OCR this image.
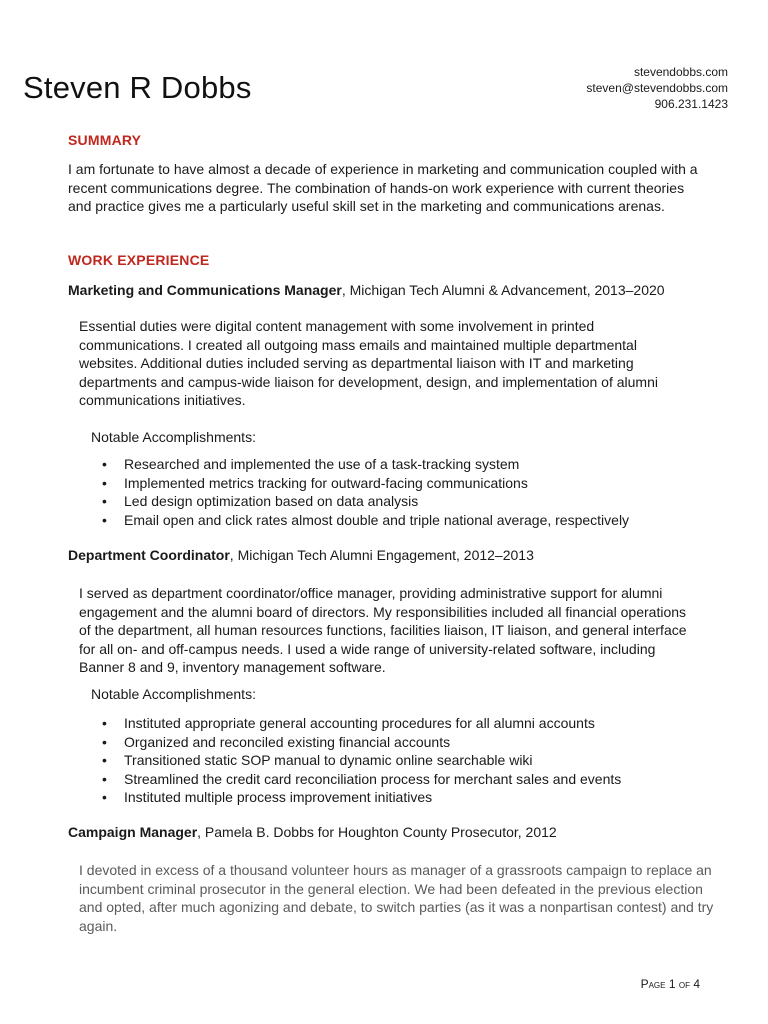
Steven R Dobbs	stevendobbs.com
steven@stevendobbs.com
906.231.1423
SUMMARY

I am fortunate to have almost a decade of experience in marketing and communication coupled with a recent communications degree. The combination of hands-on work experience with current theories and practice gives me a particularly useful skill set in the marketing and communications arenas.

WORK EXPERIENCE

Marketing and Communications Manager, Michigan Tech Alumni & Advancement, 2013–2020

Essential duties were digital content management with some involvement in printed communications. I created all outgoing mass emails and maintained multiple departmental websites. Additional duties included serving as departmental liaison with IT and marketing departments and campus-wide liaison for development, design, and implementation of alumni communications initiatives.

Notable Accomplishments:

• Researched and implemented the use of a task-tracking system
• Implemented metrics tracking for outward-facing communications
• Led design optimization based on data analysis
• Email open and click rates almost double and triple national average, respectively

Department Coordinator, Michigan Tech Alumni Engagement, 2012–2013

I served as department coordinator/office manager, providing administrative support for alumni engagement and the alumni board of directors. My responsibilities included all financial operations of the department, all human resources functions, facilities liaison, IT liaison, and general interface for all on- and off-campus needs. I used a wide range of university-related software, including Banner 8 and 9, inventory management software.

Notable Accomplishments:

• Instituted appropriate general accounting procedures for all alumni accounts
• Organized and reconciled existing financial accounts
• Transitioned static SOP manual to dynamic online searchable wiki
• Streamlined the credit card reconciliation process for merchant sales and events
• Instituted multiple process improvement initiatives

Campaign Manager, Pamela B. Dobbs for Houghton County Prosecutor, 2012

I devoted in excess of a thousand volunteer hours as manager of a grassroots campaign to replace an incumbent criminal prosecutor in the general election. We had been defeated in the previous election and opted, after much agonizing and debate, to switch parties (as it was a nonpartisan contest) and try again.

Page 1 of 4
